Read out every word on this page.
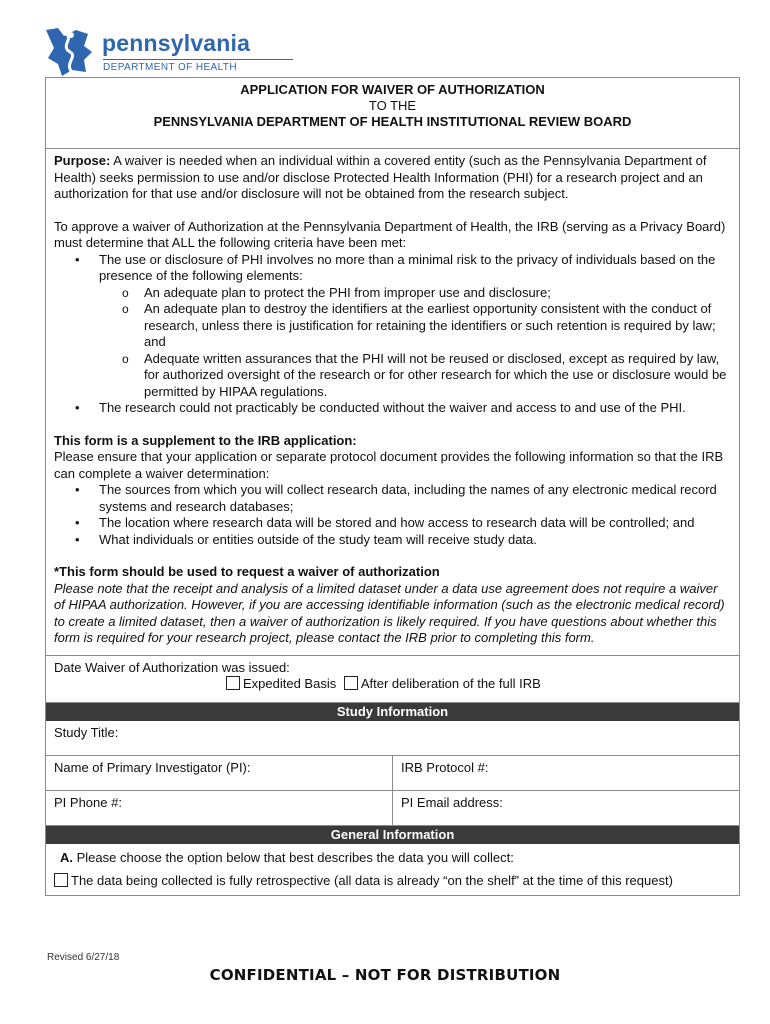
pennsylvania
DEPARTMENT OF HEALTH
APPLICATION FOR WAIVER OF AUTHORIZATION
TO THE
PENNSYLVANIA DEPARTMENT OF HEALTH INSTITUTIONAL REVIEW BOARD

Purpose: A waiver is needed when an individual within a covered entity (such as the Pennsylvania Department of Health) seeks permission to use and/or disclose Protected Health Information (PHI) for a research project and an authorization for that use and/or disclosure will not be obtained from the research subject.

To approve a waiver of Authorization at the Pennsylvania Department of Health, the IRB (serving as a Privacy Board) must determine that ALL the following criteria have been met:

• The use or disclosure of PHI involves no more than a minimal risk to the privacy of individuals based on the presence of the following elements:
o An adequate plan to protect the PHI from improper use and disclosure;
o An adequate plan to destroy the identifiers at the earliest opportunity consistent with the conduct of research, unless there is justification for retaining the identifiers or such retention is required by law; and
o Adequate written assurances that the PHI will not be reused or disclosed, except as required by law, for authorized oversight of the research or for other research for which the use or disclosure would be permitted by HIPAA regulations.
• The research could not practicably be conducted without the waiver and access to and use of the PHI.

This form is a supplement to the IRB application:

Please ensure that your application or separate protocol document provides the following information so that the IRB can complete a waiver determination:

• The sources from which you will collect research data, including the names of any electronic medical record systems and research databases;
• The location where research data will be stored and how access to research data will be controlled; and
• What individuals or entities outside of the study team will receive study data.

*This form should be used to request a waiver of authorization

Please note that the receipt and analysis of a limited dataset under a data use agreement does not require a waiver of HIPAA authorization. However, if you are accessing identifiable information (such as the electronic medical record) to create a limited dataset, then a waiver of authorization is likely required. If you have questions about whether this form is required for your research project, please contact the IRB prior to completing this form.

Date Waiver of Authorization was issued:
Expedited Basis After deliberation of the full IRB
Study Information
Study Title:
Name of Primary Investigator (PI):	IRB Protocol #:
PI Phone #:	PI Email address:
General Information
A. Please choose the option below that best describes the data you will collect:
The data being collected is fully retrospective (all data is already “on the shelf” at the time of this request)
Revised 6/27/18
CONFIDENTIAL – NOT FOR DISTRIBUTION
